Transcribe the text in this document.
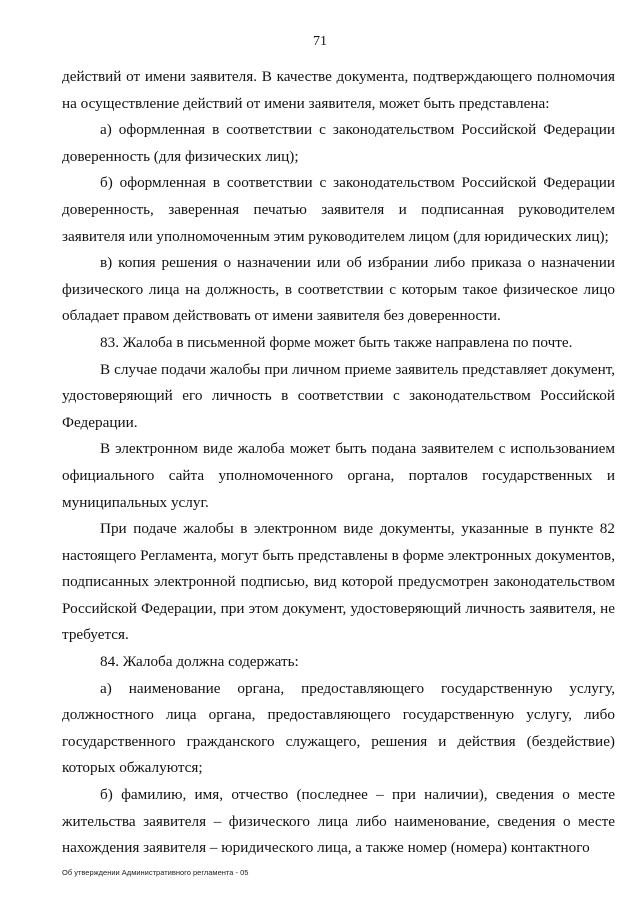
71

действий от имени заявителя. В качестве документа, подтверждающего полномочия на осуществление действий от имени заявителя, может быть представлена:

а) оформленная в соответствии с законодательством Российской Федерации доверенность (для физических лиц);

б) оформленная в соответствии с законодательством Российской Федерации доверенность, заверенная печатью заявителя и подписанная руководителем заявителя или уполномоченным этим руководителем лицом (для юридических лиц);

в) копия решения о назначении или об избрании либо приказа о назначении физического лица на должность, в соответствии с которым такое физическое лицо обладает правом действовать от имени заявителя без доверенности.

83. Жалоба в письменной форме может быть также направлена по почте.

В случае подачи жалобы при личном приеме заявитель представляет документ, удостоверяющий его личность в соответствии с законодательством Российской Федерации.

В электронном виде жалоба может быть подана заявителем с использованием официального сайта уполномоченного органа, порталов государственных и муниципальных услуг.

При подаче жалобы в электронном виде документы, указанные в пункте 82 настоящего Регламента, могут быть представлены в форме электронных документов, подписанных электронной подписью, вид которой предусмотрен законодательством Российской Федерации, при этом документ, удостоверяющий личность заявителя, не требуется.

84. Жалоба должна содержать:

а) наименование органа, предоставляющего государственную услугу, должностного лица органа, предоставляющего государственную услугу, либо государственного гражданского служащего, решения и действия (бездействие) которых обжалуются;

б) фамилию, имя, отчество (последнее – при наличии), сведения о месте жительства заявителя – физического лица либо наименование, сведения о месте нахождения заявителя – юридического лица, а также номер (номера) контактного

Об утверждении Административного регламента - 05
